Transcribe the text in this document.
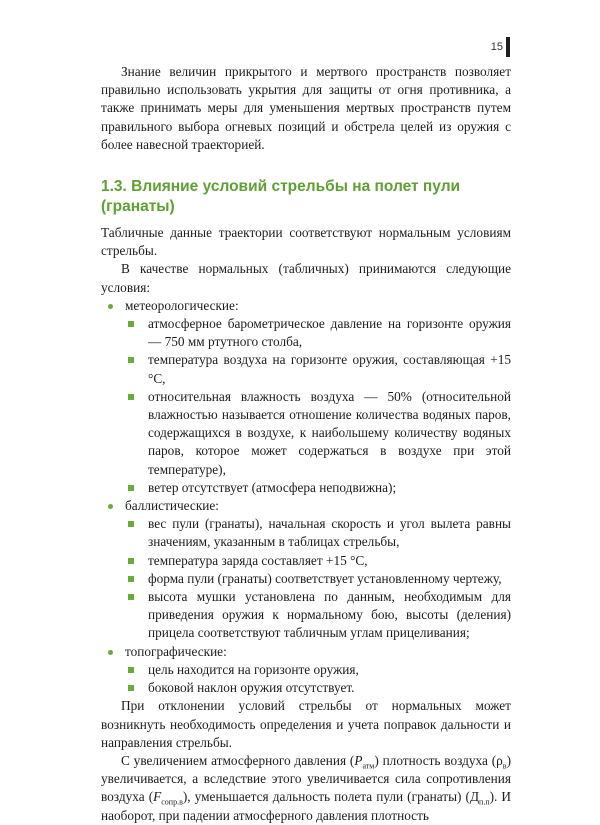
15

Знание величин прикрытого и мертвого пространств позволяет правильно использовать укрытия для защиты от огня противника, а также принимать меры для уменьшения мертвых пространств путем правильного выбора огневых позиций и обстрела целей из оружия с более навесной траекторией.

1.3. Влияние условий стрельбы на полет пули (гранаты)

Табличные данные траектории соответствуют нормальным условиям стрельбы.

В качестве нормальных (табличных) принимаются следующие условия:

метеорологические:
атмосферное барометрическое давление на горизонте оружия — 750 мм ртутного столба,
температура воздуха на горизонте оружия, составляющая +15 °С,
относительная влажность воздуха — 50% (относительной влажностью называется отношение количества водяных паров, содержащихся в воздухе, к наибольшему количеству водяных паров, которое может содержаться в воздухе при этой температуре),
ветер отсутствует (атмосфера неподвижна);
баллистические:
вес пули (гранаты), начальная скорость и угол вылета равны значениям, указанным в таблицах стрельбы,
температура заряда составляет +15 °С,
форма пули (гранаты) соответствует установленному чертежу,
высота мушки установлена по данным, необходимым для приведения оружия к нормальному бою, высоты (деления) прицела соответствуют табличным углам прицеливания;
топографические:
цель находится на горизонте оружия,
боковой наклон оружия отсутствует.

При отклонении условий стрельбы от нормальных может возникнуть необходимость определения и учета поправок дальности и направления стрельбы.

С увеличением атмосферного давления $(P_{атм})$ плотность воздуха $(\rho_в)$ увеличивается, а вследствие этого увеличивается сила сопротивления воздуха $(F_{сопр.в})$, уменьшается дальность полета пули (гранаты) $(Д_{п.п})$. И наоборот, при падении атмосферного давления плотность
